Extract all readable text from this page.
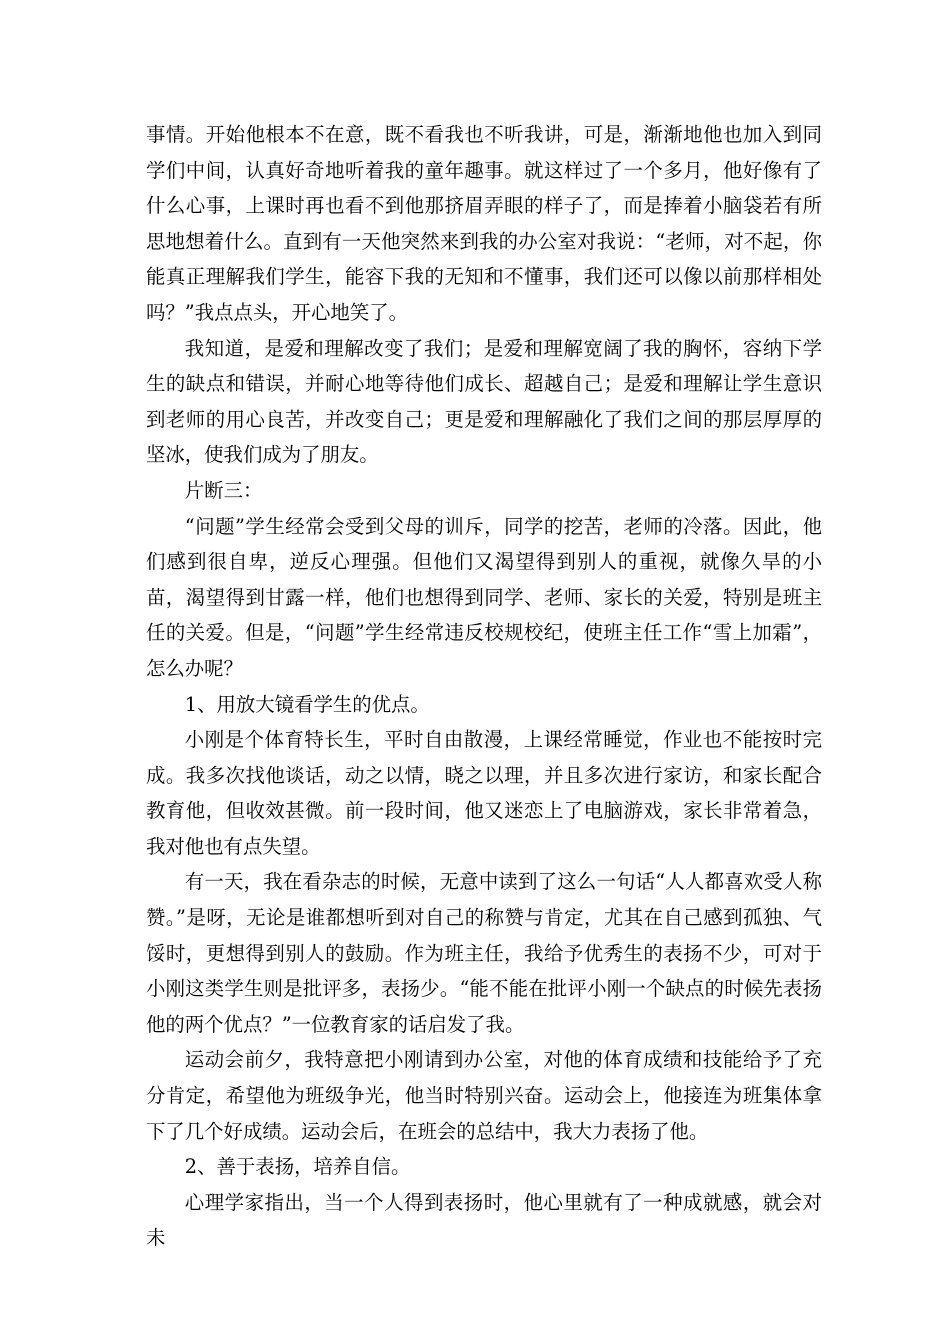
事情。开始他根本不在意，既不看我也不听我讲，可是，渐渐地他也加入到同学们中间，认真好奇地听着我的童年趣事。就这样过了一个多月，他好像有了什么心事，上课时再也看不到他那挤眉弄眼的样子了，而是捧着小脑袋若有所思地想着什么。直到有一天他突然来到我的办公室对我说：“老师，对不起，你能真正理解我们学生，能容下我的无知和不懂事，我们还可以像以前那样相处吗？”我点点头，开心地笑了。

我知道，是爱和理解改变了我们；是爱和理解宽阔了我的胸怀，容纳下学生的缺点和错误，并耐心地等待他们成长、超越自己；是爱和理解让学生意识到老师的用心良苦，并改变自己；更是爱和理解融化了我们之间的那层厚厚的坚冰，使我们成为了朋友。

片断三：

“问题”学生经常会受到父母的训斥，同学的挖苦，老师的冷落。因此，他们感到很自卑，逆反心理强。但他们又渴望得到别人的重视，就像久旱的小苗，渴望得到甘露一样，他们也想得到同学、老师、家长的关爱，特别是班主任的关爱。但是，“问题”学生经常违反校规校纪，使班主任工作“雪上加霜”，怎么办呢？

1、用放大镜看学生的优点。

小刚是个体育特长生，平时自由散漫，上课经常睡觉，作业也不能按时完成。我多次找他谈话，动之以情，晓之以理，并且多次进行家访，和家长配合教育他，但收效甚微。前一段时间，他又迷恋上了电脑游戏，家长非常着急，我对他也有点失望。

有一天，我在看杂志的时候，无意中读到了这么一句话“人人都喜欢受人称赞。”是呀，无论是谁都想听到对自己的称赞与肯定，尤其在自己感到孤独、气馁时，更想得到别人的鼓励。作为班主任，我给予优秀生的表扬不少，可对于小刚这类学生则是批评多，表扬少。“能不能在批评小刚一个缺点的时候先表扬他的两个优点？”一位教育家的话启发了我。

运动会前夕，我特意把小刚请到办公室，对他的体育成绩和技能给予了充分肯定，希望他为班级争光，他当时特别兴奋。运动会上，他接连为班集体拿下了几个好成绩。运动会后，在班会的总结中，我大力表扬了他。

2、善于表扬，培养自信。

心理学家指出，当一个人得到表扬时，他心里就有了一种成就感，就会对未
